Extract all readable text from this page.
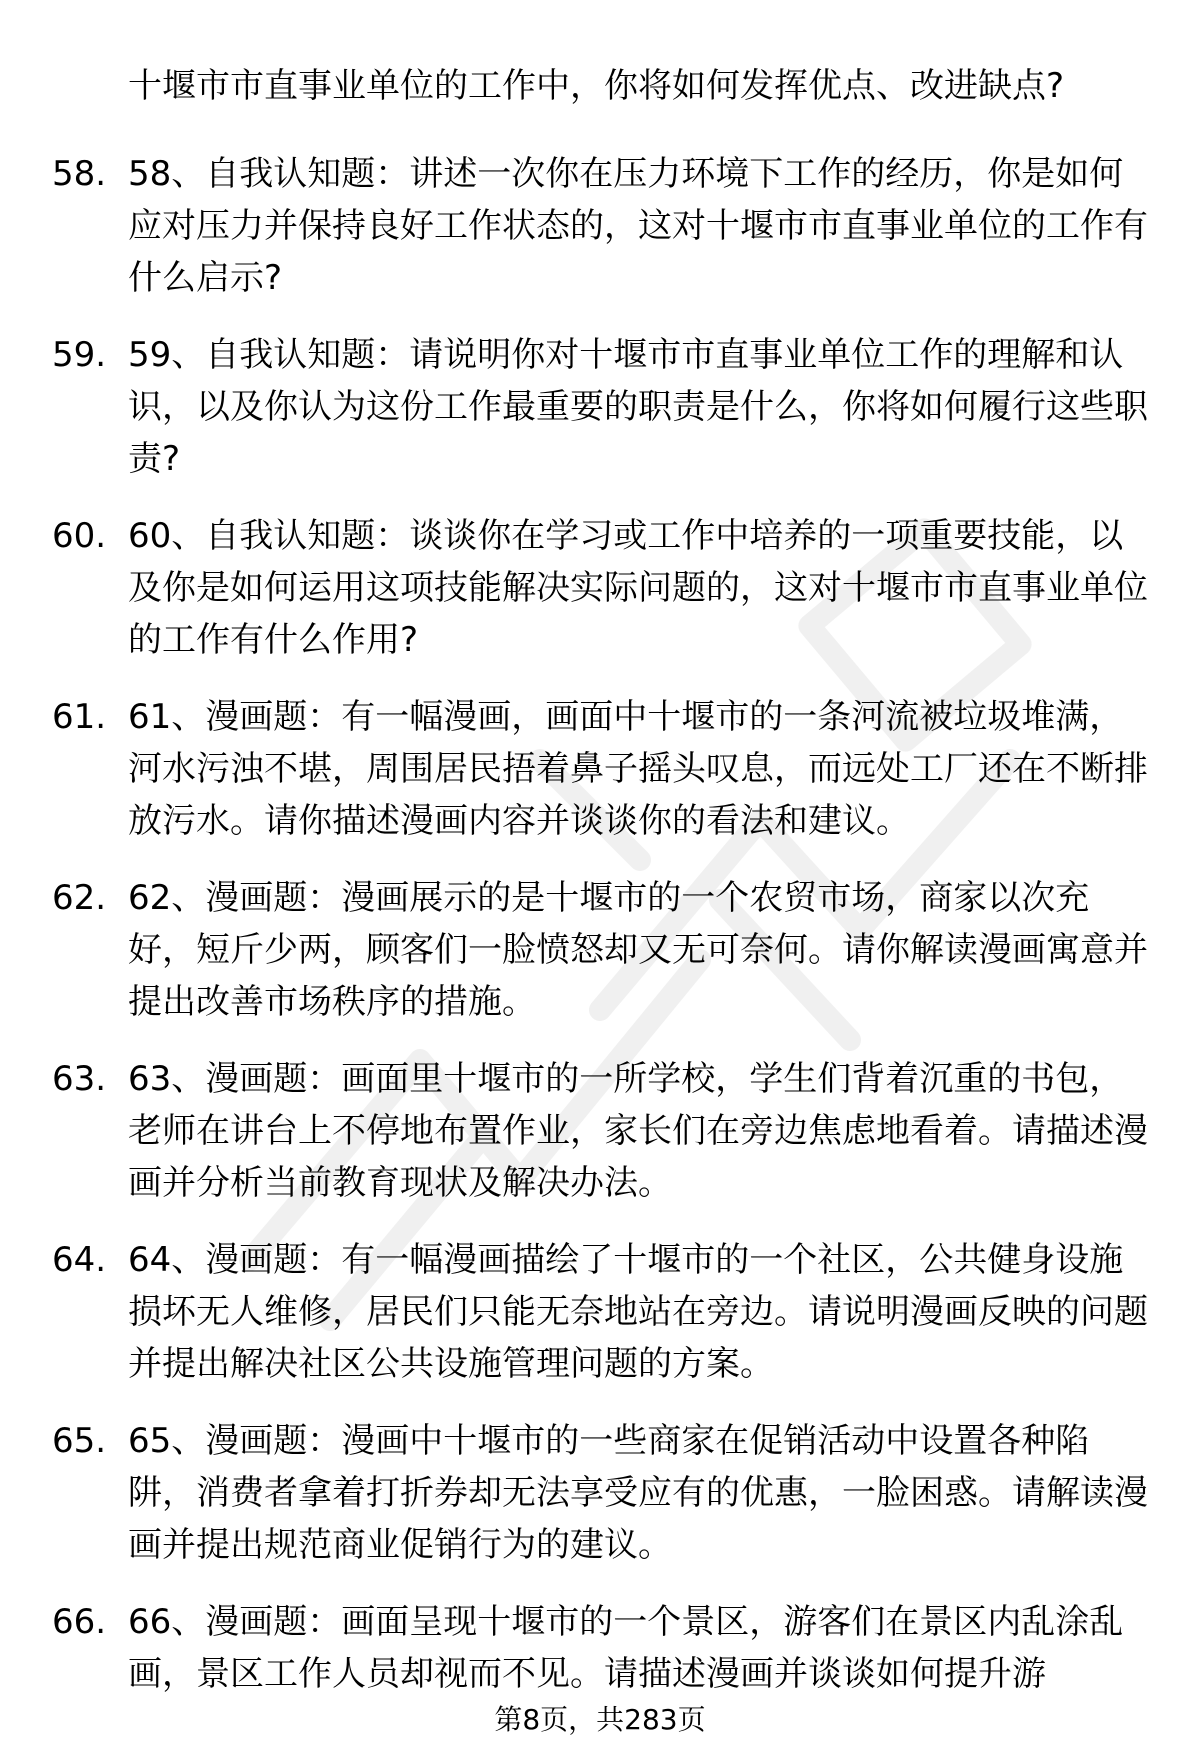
十堰市市直事业单位的工作中，你将如何发挥优点、改进缺点?
58. 58、自我认知题：讲述一次你在压力环境下工作的经历，你是如何应对压力并保持良好工作状态的，这对十堰市市直事业单位的工作有什么启示?
59. 59、自我认知题：请说明你对十堰市市直事业单位工作的理解和认识，以及你认为这份工作最重要的职责是什么，你将如何履行这些职责?
60. 60、自我认知题：谈谈你在学习或工作中培养的一项重要技能，以及你是如何运用这项技能解决实际问题的，这对十堰市市直事业单位的工作有什么作用?
61. 61、漫画题：有一幅漫画，画面中十堰市的一条河流被垃圾堆满，河水污浊不堪，周围居民捂着鼻子摇头叹息，而远处工厂还在不断排放污水。请你描述漫画内容并谈谈你的看法和建议。
62. 62、漫画题：漫画展示的是十堰市的一个农贸市场，商家以次充好，短斤少两，顾客们一脸愤怒却又无可奈何。请你解读漫画寓意并提出改善市场秩序的措施。
63. 63、漫画题：画面里十堰市的一所学校，学生们背着沉重的书包，老师在讲台上不停地布置作业，家长们在旁边焦虑地看着。请描述漫画并分析当前教育现状及解决办法。
64. 64、漫画题：有一幅漫画描绘了十堰市的一个社区，公共健身设施损坏无人维修，居民们只能无奈地站在旁边。请说明漫画反映的问题并提出解决社区公共设施管理问题的方案。
65. 65、漫画题：漫画中十堰市的一些商家在促销活动中设置各种陷阱，消费者拿着打折券却无法享受应有的优惠，一脸困惑。请解读漫画并提出规范商业促销行为的建议。
66. 66、漫画题：画面呈现十堰市的一个景区，游客们在景区内乱涂乱画，景区工作人员却视而不见。请描述漫画并谈谈如何提升游
第8页，共283页
